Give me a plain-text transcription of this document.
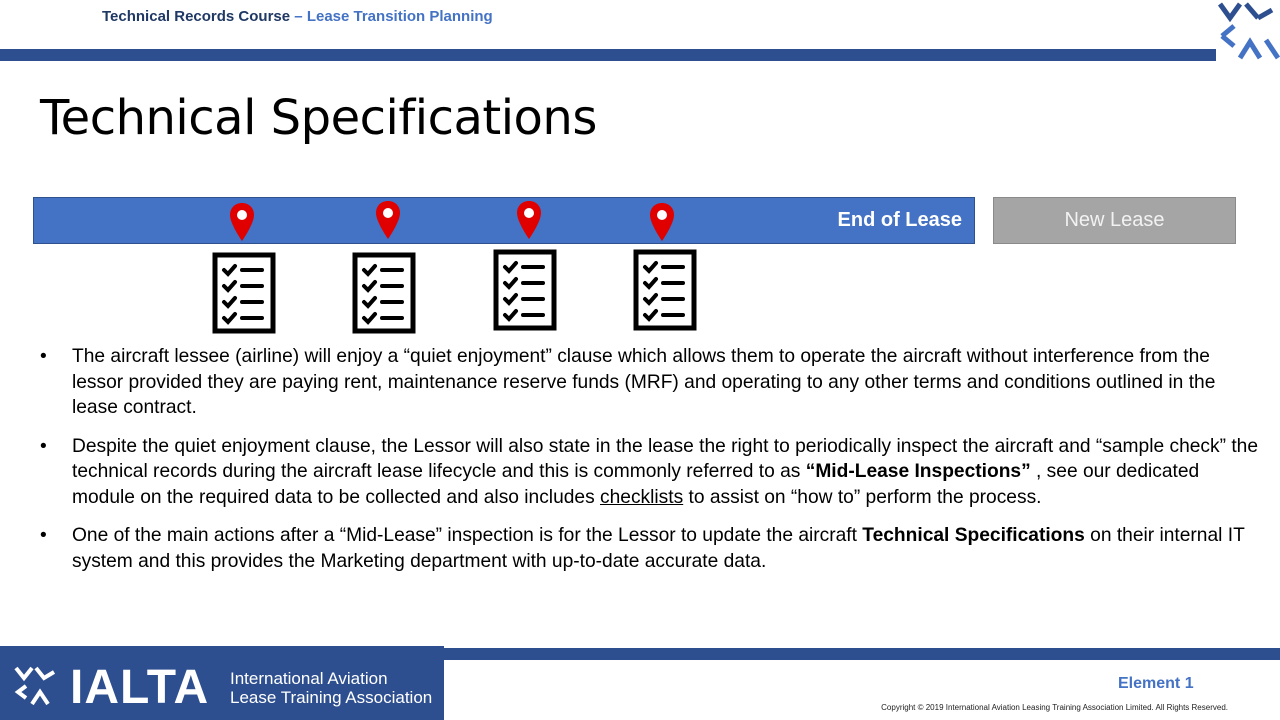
Technical Records Course – Lease Transition Planning
Technical Specifications
End of Lease	New Lease
• The aircraft lessee (airline) will enjoy a “quiet enjoyment” clause which allows them to operate the aircraft without interference from the lessor provided they are paying rent, maintenance reserve funds (MRF) and operating to any other terms and conditions outlined in the lease contract.
• Despite the quiet enjoyment clause, the Lessor will also state in the lease the right to periodically inspect the aircraft and “sample check” the technical records during the aircraft lease lifecycle and this is commonly referred to as “Mid-Lease Inspections” , see our dedicated module on the required data to be collected and also includes checklists to assist on “how to” perform the process.
• One of the main actions after a “Mid-Lease” inspection is for the Lessor to update the aircraft Technical Specifications on their internal IT system and this provides the Marketing department with up-to-date accurate data.
IALTA International Aviation
Lease Training Association
Element 1
Copyright © 2019 International Aviation Leasing Training Association Limited. All Rights Reserved.
